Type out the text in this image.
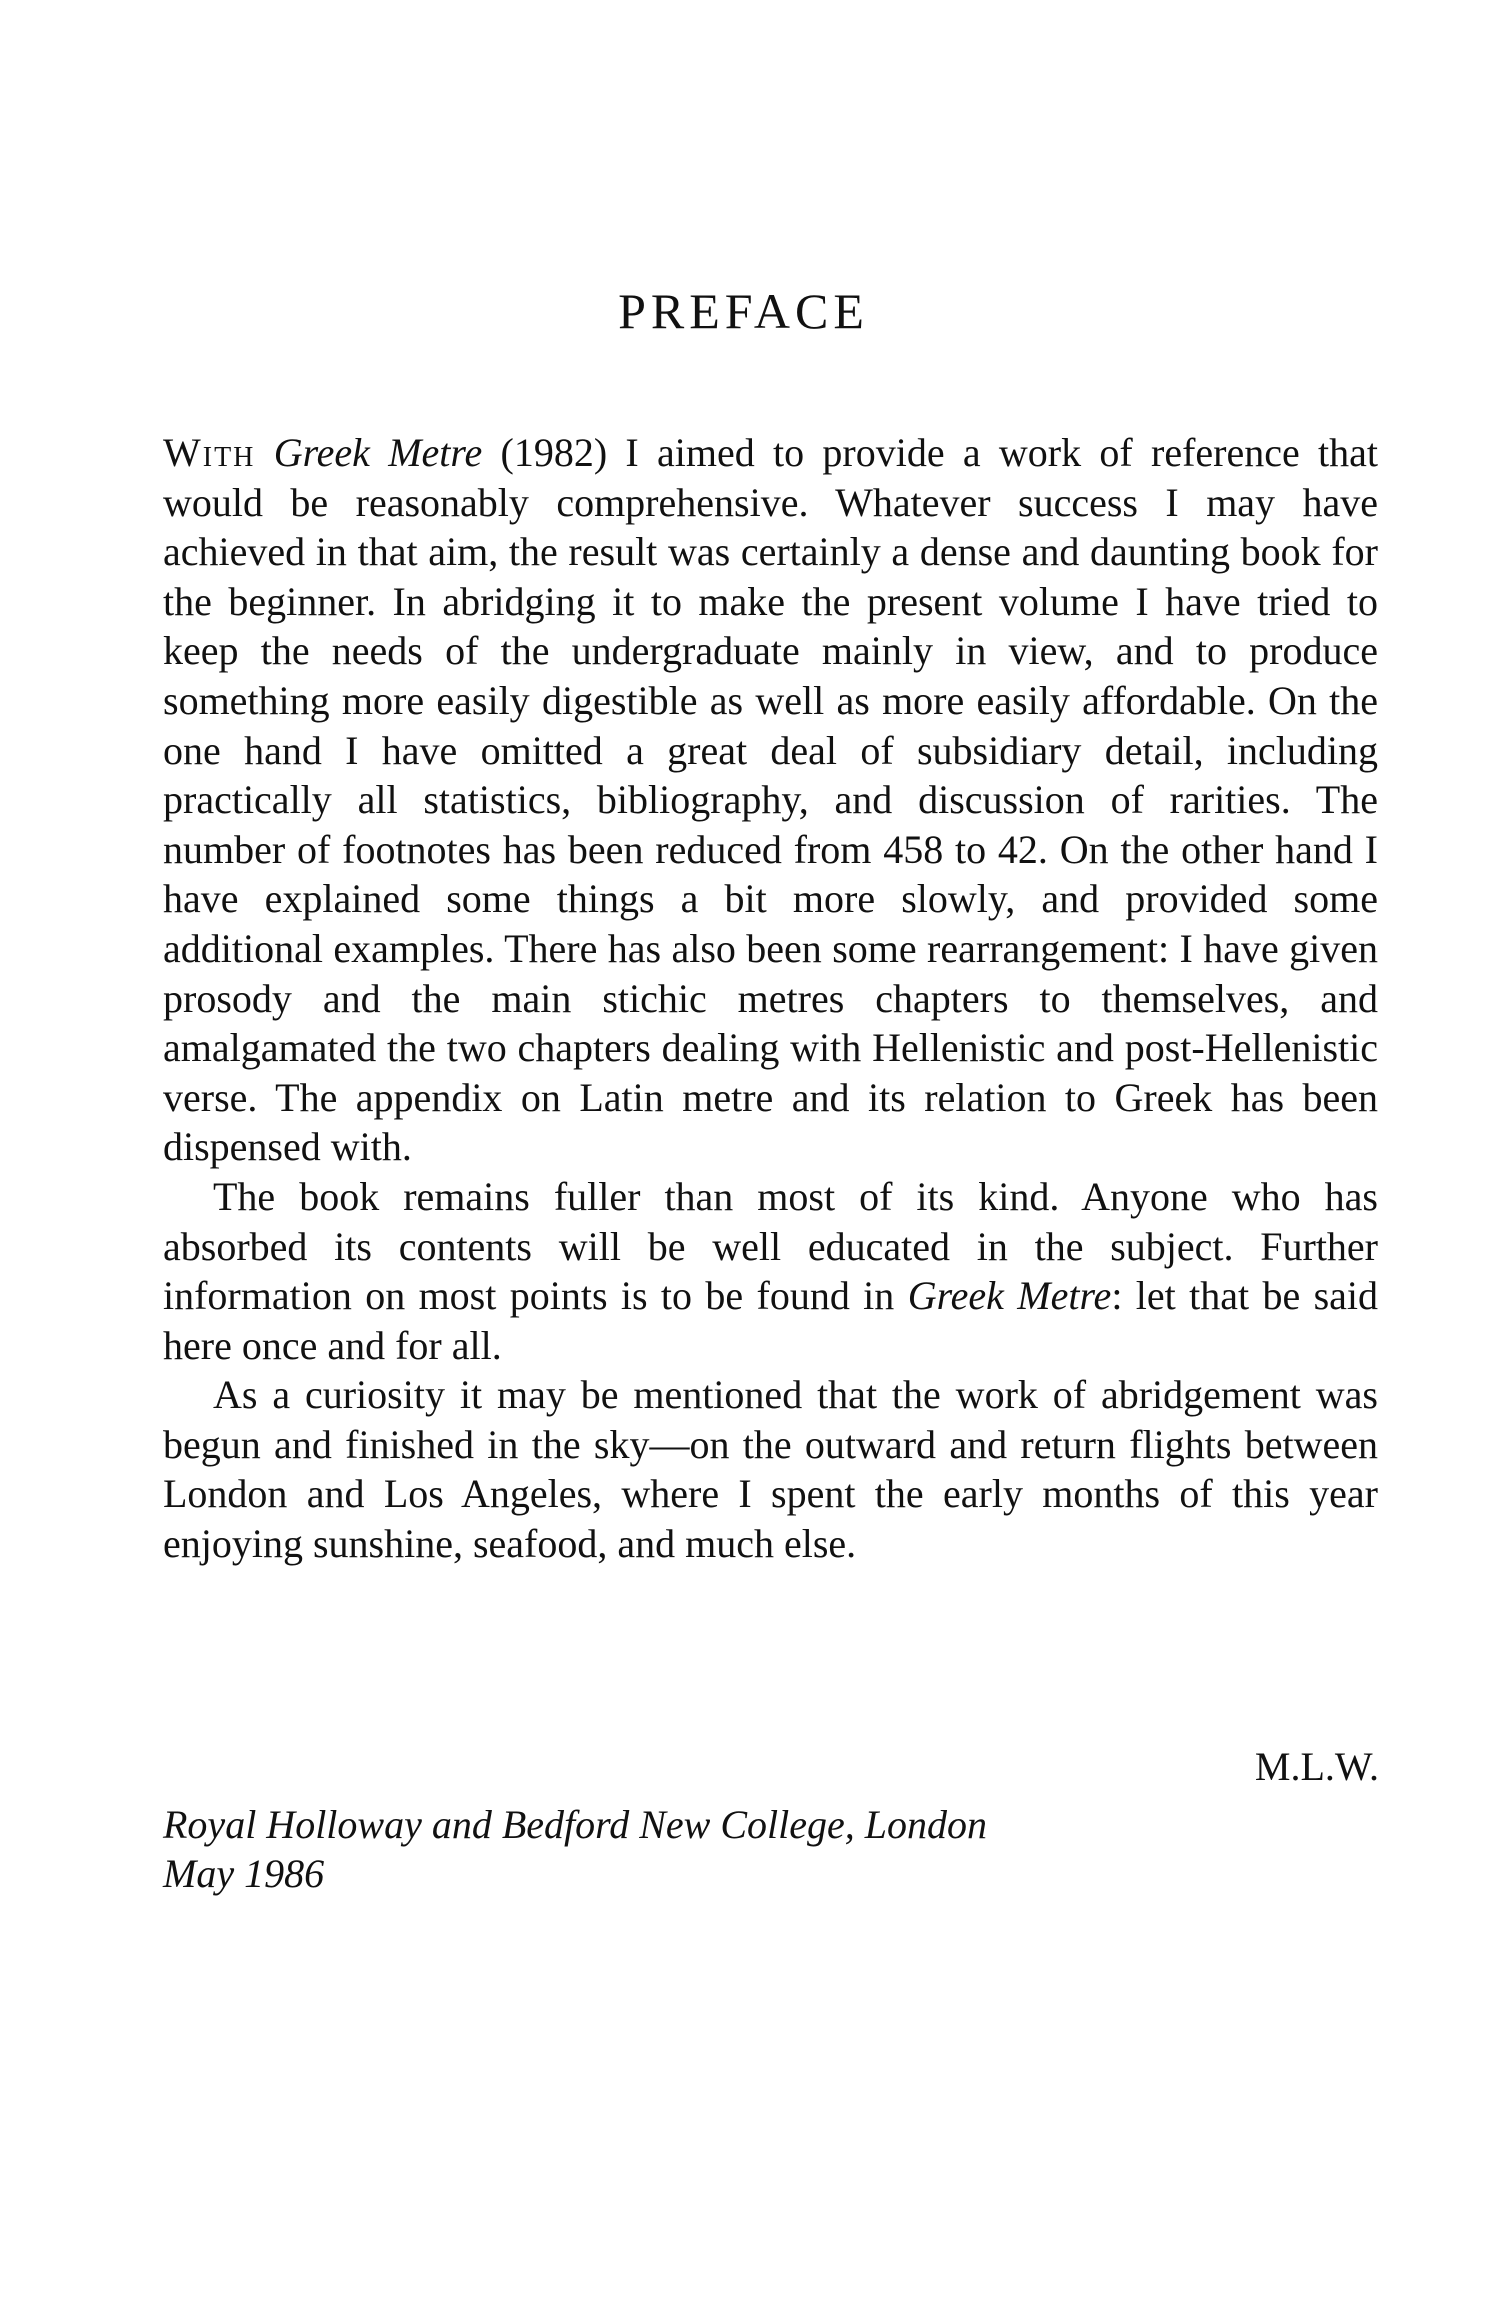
PREFACE

With Greek Metre (1982) I aimed to provide a work of reference that would be reasonably comprehensive. Whatever success I may have achieved in that aim, the result was certainly a dense and daunting book for the beginner. In abridging it to make the present volume I have tried to keep the needs of the undergraduate mainly in view, and to produce something more easily digestible as well as more easily affordable. On the one hand I have omitted a great deal of subsidiary detail, including practically all statistics, bibliography, and discussion of rarities. The number of footnotes has been reduced from 458 to 42. On the other hand I have explained some things a bit more slowly, and provided some additional examples. There has also been some rearrangement: I have given prosody and the main stichic metres chapters to themselves, and amalgamated the two chapters dealing with Hellenistic and post-Hellenistic verse. The appendix on Latin metre and its relation to Greek has been dispensed with.

The book remains fuller than most of its kind. Anyone who has absorbed its contents will be well educated in the subject. Further information on most points is to be found in Greek Metre: let that be said here once and for all.

As a curiosity it may be mentioned that the work of abridgement was begun and finished in the sky—on the outward and return flights between London and Los Angeles, where I spent the early months of this year enjoying sunshine, seafood, and much else.

M.L.W.
Royal Holloway and Bedford New College, London
May 1986
